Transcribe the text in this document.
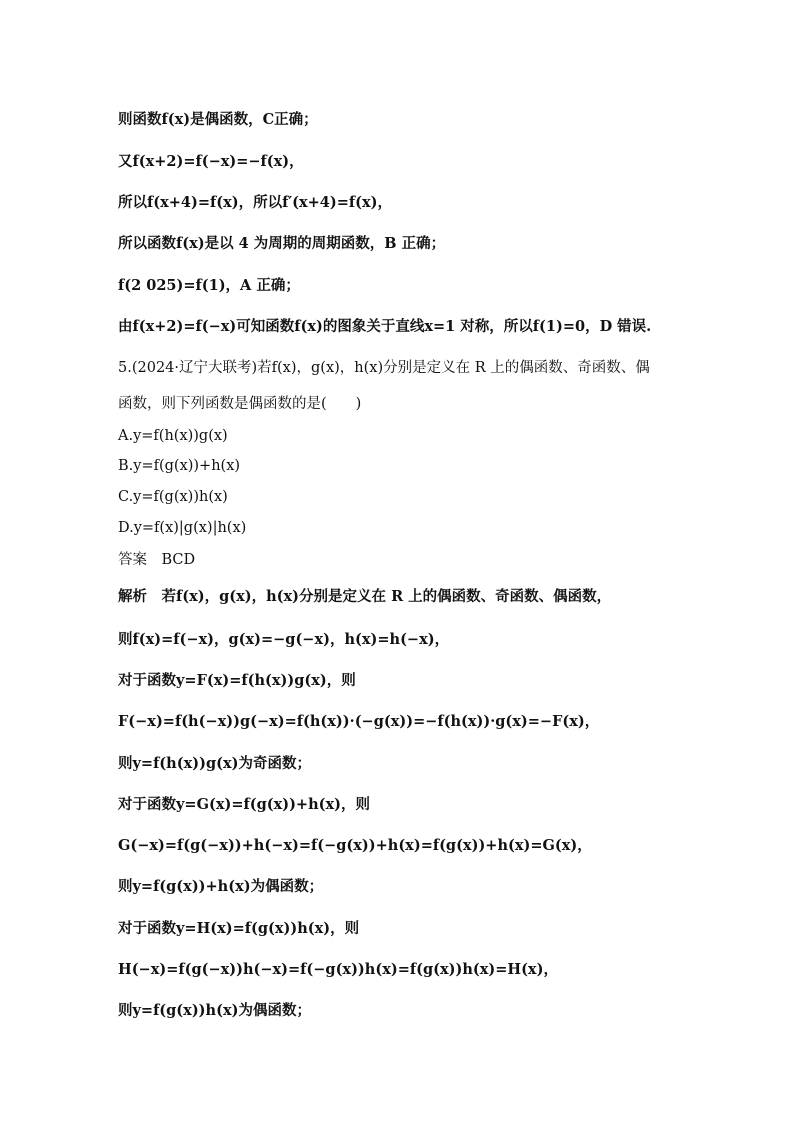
则函数f(x)是偶函数，C正确；
又f(x+2)=f(−x)=−f(x)，
所以f(x+4)=f(x)，所以f′(x+4)=f(x)，
所以函数f(x)是以 4 为周期的周期函数，B 正确；
f(2 025)=f(1)，A 正确；
由f(x+2)=f(−x)可知函数f(x)的图象关于直线x=1 对称，所以f(1)=0，D 错误.
5.(2024·辽宁大联考)若f(x)，g(x)，h(x)分别是定义在 R 上的偶函数、奇函数、偶
函数，则下列函数是偶函数的是(　　)
A.y=f(h(x))g(x)
B.y=f(g(x))+h(x)
C.y=f(g(x))h(x)
D.y=f(x)|g(x)|h(x)
答案　BCD
解析　若f(x)，g(x)，h(x)分别是定义在 R 上的偶函数、奇函数、偶函数，
则f(x)=f(−x)，g(x)=−g(−x)，h(x)=h(−x)，
对于函数y=F(x)=f(h(x))g(x)，则
F(−x)=f(h(−x))g(−x)=f(h(x))·(−g(x))=−f(h(x))·g(x)=−F(x)，
则y=f(h(x))g(x)为奇函数；
对于函数y=G(x)=f(g(x))+h(x)，则
G(−x)=f(g(−x))+h(−x)=f(−g(x))+h(x)=f(g(x))+h(x)=G(x)，
则y=f(g(x))+h(x)为偶函数；
对于函数y=H(x)=f(g(x))h(x)，则
H(−x)=f(g(−x))h(−x)=f(−g(x))h(x)=f(g(x))h(x)=H(x)，
则y=f(g(x))h(x)为偶函数；
